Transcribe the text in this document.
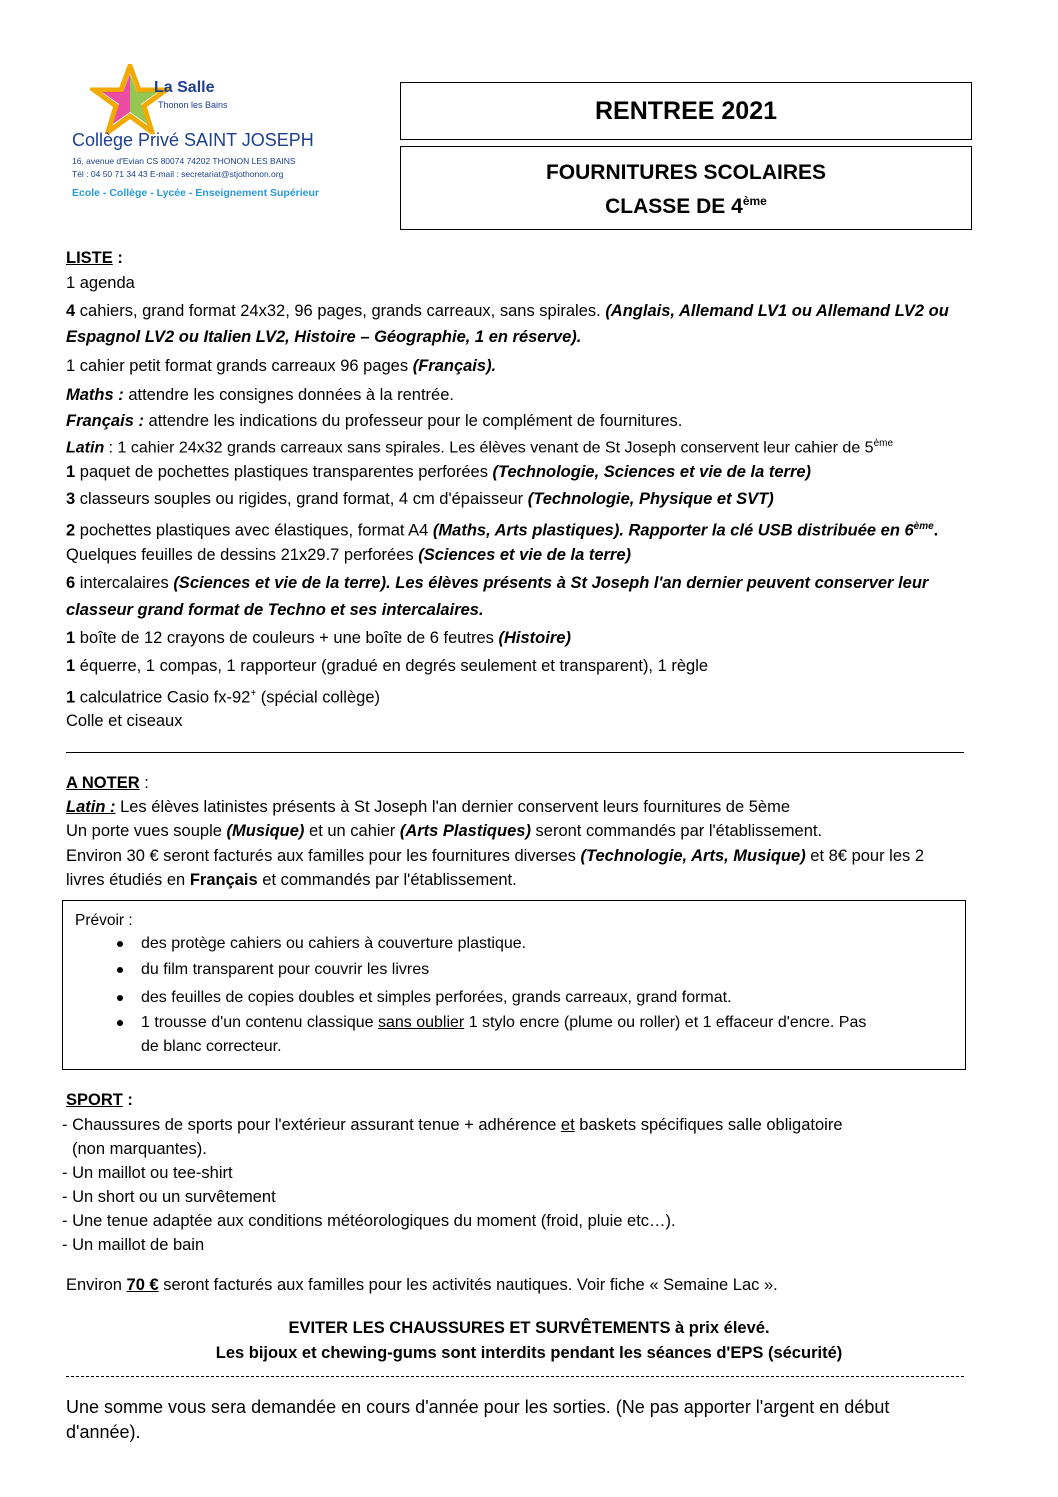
La Salle
Thonon les Bains
Collège Privé SAINT JOSEPH
16, avenue d'Evian CS 80074 74202 THONON LES BAINS
Tél : 04 50 71 34 43 E-mail : secretariat@stjothonon.org
Ecole - Collège - Lycée - Enseignement Supérieur
RENTREE 2021
FOURNITURES SCOLAIRES
CLASSE DE 4ème
LISTE :
1 agenda
4 cahiers, grand format 24x32, 96 pages, grands carreaux, sans spirales. (Anglais, Allemand LV1 ou Allemand LV2 ou
Espagnol LV2 ou Italien LV2, Histoire – Géographie, 1 en réserve).
1 cahier petit format grands carreaux 96 pages (Français).
Maths : attendre les consignes données à la rentrée.
Français : attendre les indications du professeur pour le complément de fournitures.
Latin : 1 cahier 24x32 grands carreaux sans spirales. Les élèves venant de St Joseph conservent leur cahier de 5ème
1 paquet de pochettes plastiques transparentes perforées (Technologie, Sciences et vie de la terre)
3 classeurs souples ou rigides, grand format, 4 cm d'épaisseur (Technologie, Physique et SVT)
2 pochettes plastiques avec élastiques, format A4 (Maths, Arts plastiques). Rapporter la clé USB distribuée en 6ème.
Quelques feuilles de dessins 21x29.7 perforées (Sciences et vie de la terre)
6 intercalaires (Sciences et vie de la terre). Les élèves présents à St Joseph l'an dernier peuvent conserver leur
classeur grand format de Techno et ses intercalaires.
1 boîte de 12 crayons de couleurs + une boîte de 6 feutres (Histoire)
1 équerre, 1 compas, 1 rapporteur (gradué en degrés seulement et transparent), 1 règle
1 calculatrice Casio fx-92+ (spécial collège)
Colle et ciseaux
A NOTER :
Latin : Les élèves latinistes présents à St Joseph l'an dernier conservent leurs fournitures de 5ème
Un porte vues souple (Musique) et un cahier (Arts Plastiques) seront commandés par l'établissement.
Environ 30 € seront facturés aux familles pour les fournitures diverses (Technologie, Arts, Musique) et 8€ pour les 2
livres étudiés en Français et commandés par l'établissement.
Prévoir :
des protège cahiers ou cahiers à couverture plastique.
du film transparent pour couvrir les livres
des feuilles de copies doubles et simples perforées, grands carreaux, grand format.
1 trousse d'un contenu classique sans oublier 1 stylo encre (plume ou roller) et 1 effaceur d'encre. Pas
de blanc correcteur.
SPORT :
- Chaussures de sports pour l'extérieur assurant tenue + adhérence et baskets spécifiques salle obligatoire
(non marquantes).
- Un maillot ou tee-shirt
- Un short ou un survêtement
- Une tenue adaptée aux conditions météorologiques du moment (froid, pluie etc…).
- Un maillot de bain
Environ 70 € seront facturés aux familles pour les activités nautiques. Voir fiche « Semaine Lac ».
EVITER LES CHAUSSURES ET SURVÊTEMENTS à prix élevé.
Les bijoux et chewing-gums sont interdits pendant les séances d'EPS (sécurité)
Une somme vous sera demandée en cours d'année pour les sorties. (Ne pas apporter l'argent en début
d'année).
